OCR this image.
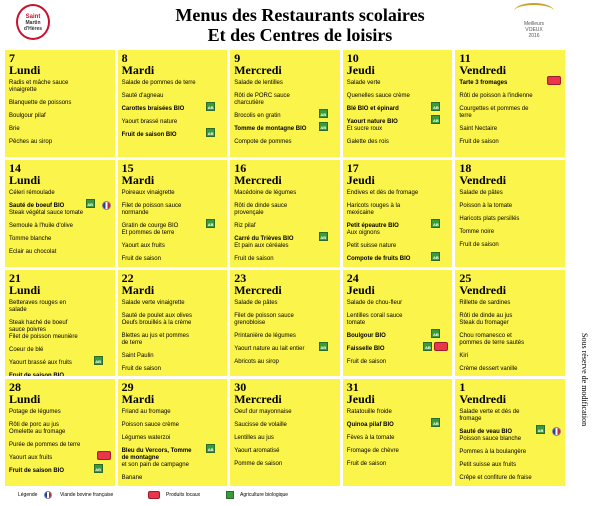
Saint
Martin
d'Hères
Menus des Restaurants scolaires
Et des Centres de loisirs
Meilleurs
VOEUX
2016
7
Lundi
Radis et mâche sauce vinaigrette
Blanquette de poissons
Boulgour pilaf
Brie
Pêches au sirop
8
Mardi
Salade de pommes de terre
Sauté d'agneau
Carottes braisées BIO	AB
Yaourt brassé nature
Fruit de saison BIO	AB
9
Mercredi
Salade de lentilles
Rôti de PORC sauce charcutière
Brocolis en gratin	AB
Tomme de montagne BIO	AB
Compote de pommes
10
Jeudi
Salade verte
Quenelles sauce crème
Blé BIO et épinard	AB
Yaourt nature BIO
Et sucre roux
AB
Galette des rois
11
Vendredi
Tarte 3 fromages
Rôti de poisson à l'indienne
Courgettes et pommes de terre
Saint Nectaire
Fruit de saison
14
Lundi
Céleri rémoulade
Sauté de boeuf BIO
Steak végétal sauce tomate
AB
Semoule à l'huile d'olive
Tomme blanche
Eclair au chocolat
15
Mardi
Poireaux vinaigrette
Filet de poisson sauce normande
Gratin de courge BIO
Et pommes de terre
AB
Yaourt aux fruits
Fruit de saison
16
Mercredi
Macédoine de légumes
Rôti de dinde sauce provençale
Riz pilaf
Carré du Trièves BIO
Et pain aux céréales
AB
Fruit de saison
17
Jeudi
Endives et dés de fromage
Haricots rouges à la mexicaine
Petit épeautre BIO
Aux oignons
AB
Petit suisse nature
Compote de fruits BIO	AB
18
Vendredi
Salade de pâtes
Poisson à la tomate
Haricots plats persillés
Tomme noire
Fruit de saison
21
Lundi
Betteraves rouges en salade
Steak haché de boeuf sauce poivres
Filet de poisson meunière
Coeur de blé
Yaourt brassé aux fruits	AB
Fruit de saison BIO
22
Mardi
Salade verte vinaigrette
Sauté de poulet aux olives
Oeufs brouillés à la crème
Blettes au jus et pommes de terre
Saint Paulin
Fruit de saison
23
Mercredi
Salade de pâtes
Filet de poisson sauce grenobloise
Printanière de légumes
Yaourt nature au lait entier	AB
Abricots au sirop
24
Jeudi
Salade de chou-fleur
Lentilles corail sauce tomate
Boulgour BIO	AB
Faisselle BIO	AB
Fruit de saison
25
Vendredi
Rillette de sardines
Rôti de dinde au jus
Steak du fromager
Chou romanesco et pommes de terre sautés
Kiri
Crème dessert vanille
28
Lundi
Potage de légumes
Rôti de porc au jus
Omelette au fromage
Purée de pommes de terre
Yaourt aux fruits
Fruit de saison BIO	AB
29
Mardi
Friand au fromage
Poisson sauce crème
Légumes waterzoi
Bleu du Vercors, Tomme de montagne
et son pain de campagne
AB
Banane
30
Mercredi
Oeuf dur mayonnaise
Saucisse de volaille
Lentilles au jus
Yaourt aromatisé
Pomme de saison
31
Jeudi
Ratatouille froide
Quinoa pilaf BIO	AB
Fèves à la tomate
Fromage de chèvre
Fruit de saison
1
Vendredi
Salade verte et dés de fromage
Sauté de veau BIO
Poisson sauce blanche
AB
Pommes à la boulangère
Petit suisse aux fruits
Crêpe et confiture de fraise
Sous réserve de modification
Légende	Viande bovine française	Produits locaux	Agriculture biologique
